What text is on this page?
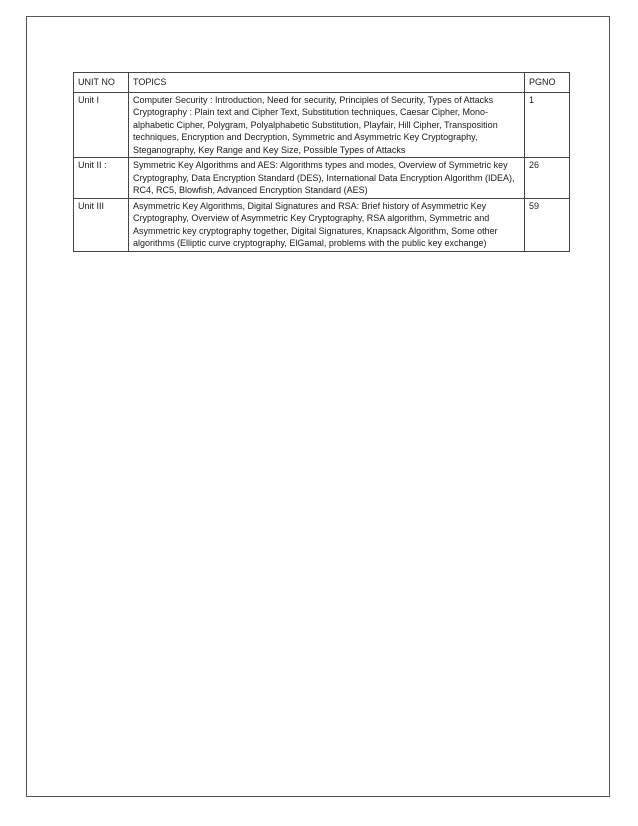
UNIT NO	TOPICS	PGNO
Unit I	Computer Security : Introduction, Need for security, Principles of Security, Types of Attacks Cryptography : Plain text and Cipher Text, Substitution techniques, Caesar Cipher, Mono-alphabetic Cipher, Polygram, Polyalphabetic Substitution, Playfair, Hill Cipher, Transposition techniques, Encryption and Decryption, Symmetric and Asymmetric Key Cryptography, Steganography, Key Range and Key Size, Possible Types of Attacks	1
Unit II :	Symmetric Key Algorithms and AES: Algorithms types and modes, Overview of Symmetric key Cryptography, Data Encryption Standard (DES), International Data Encryption Algorithm (IDEA), RC4, RC5, Blowfish, Advanced Encryption Standard (AES)	26
Unit III	Asymmetric Key Algorithms, Digital Signatures and RSA: Brief history of Asymmetric Key Cryptography, Overview of Asymmetric Key Cryptography, RSA algorithm, Symmetric and Asymmetric key cryptography together, Digital Signatures, Knapsack Algorithm, Some other algorithms (Elliptic curve cryptography, ElGamal, problems with the public key exchange)	59
